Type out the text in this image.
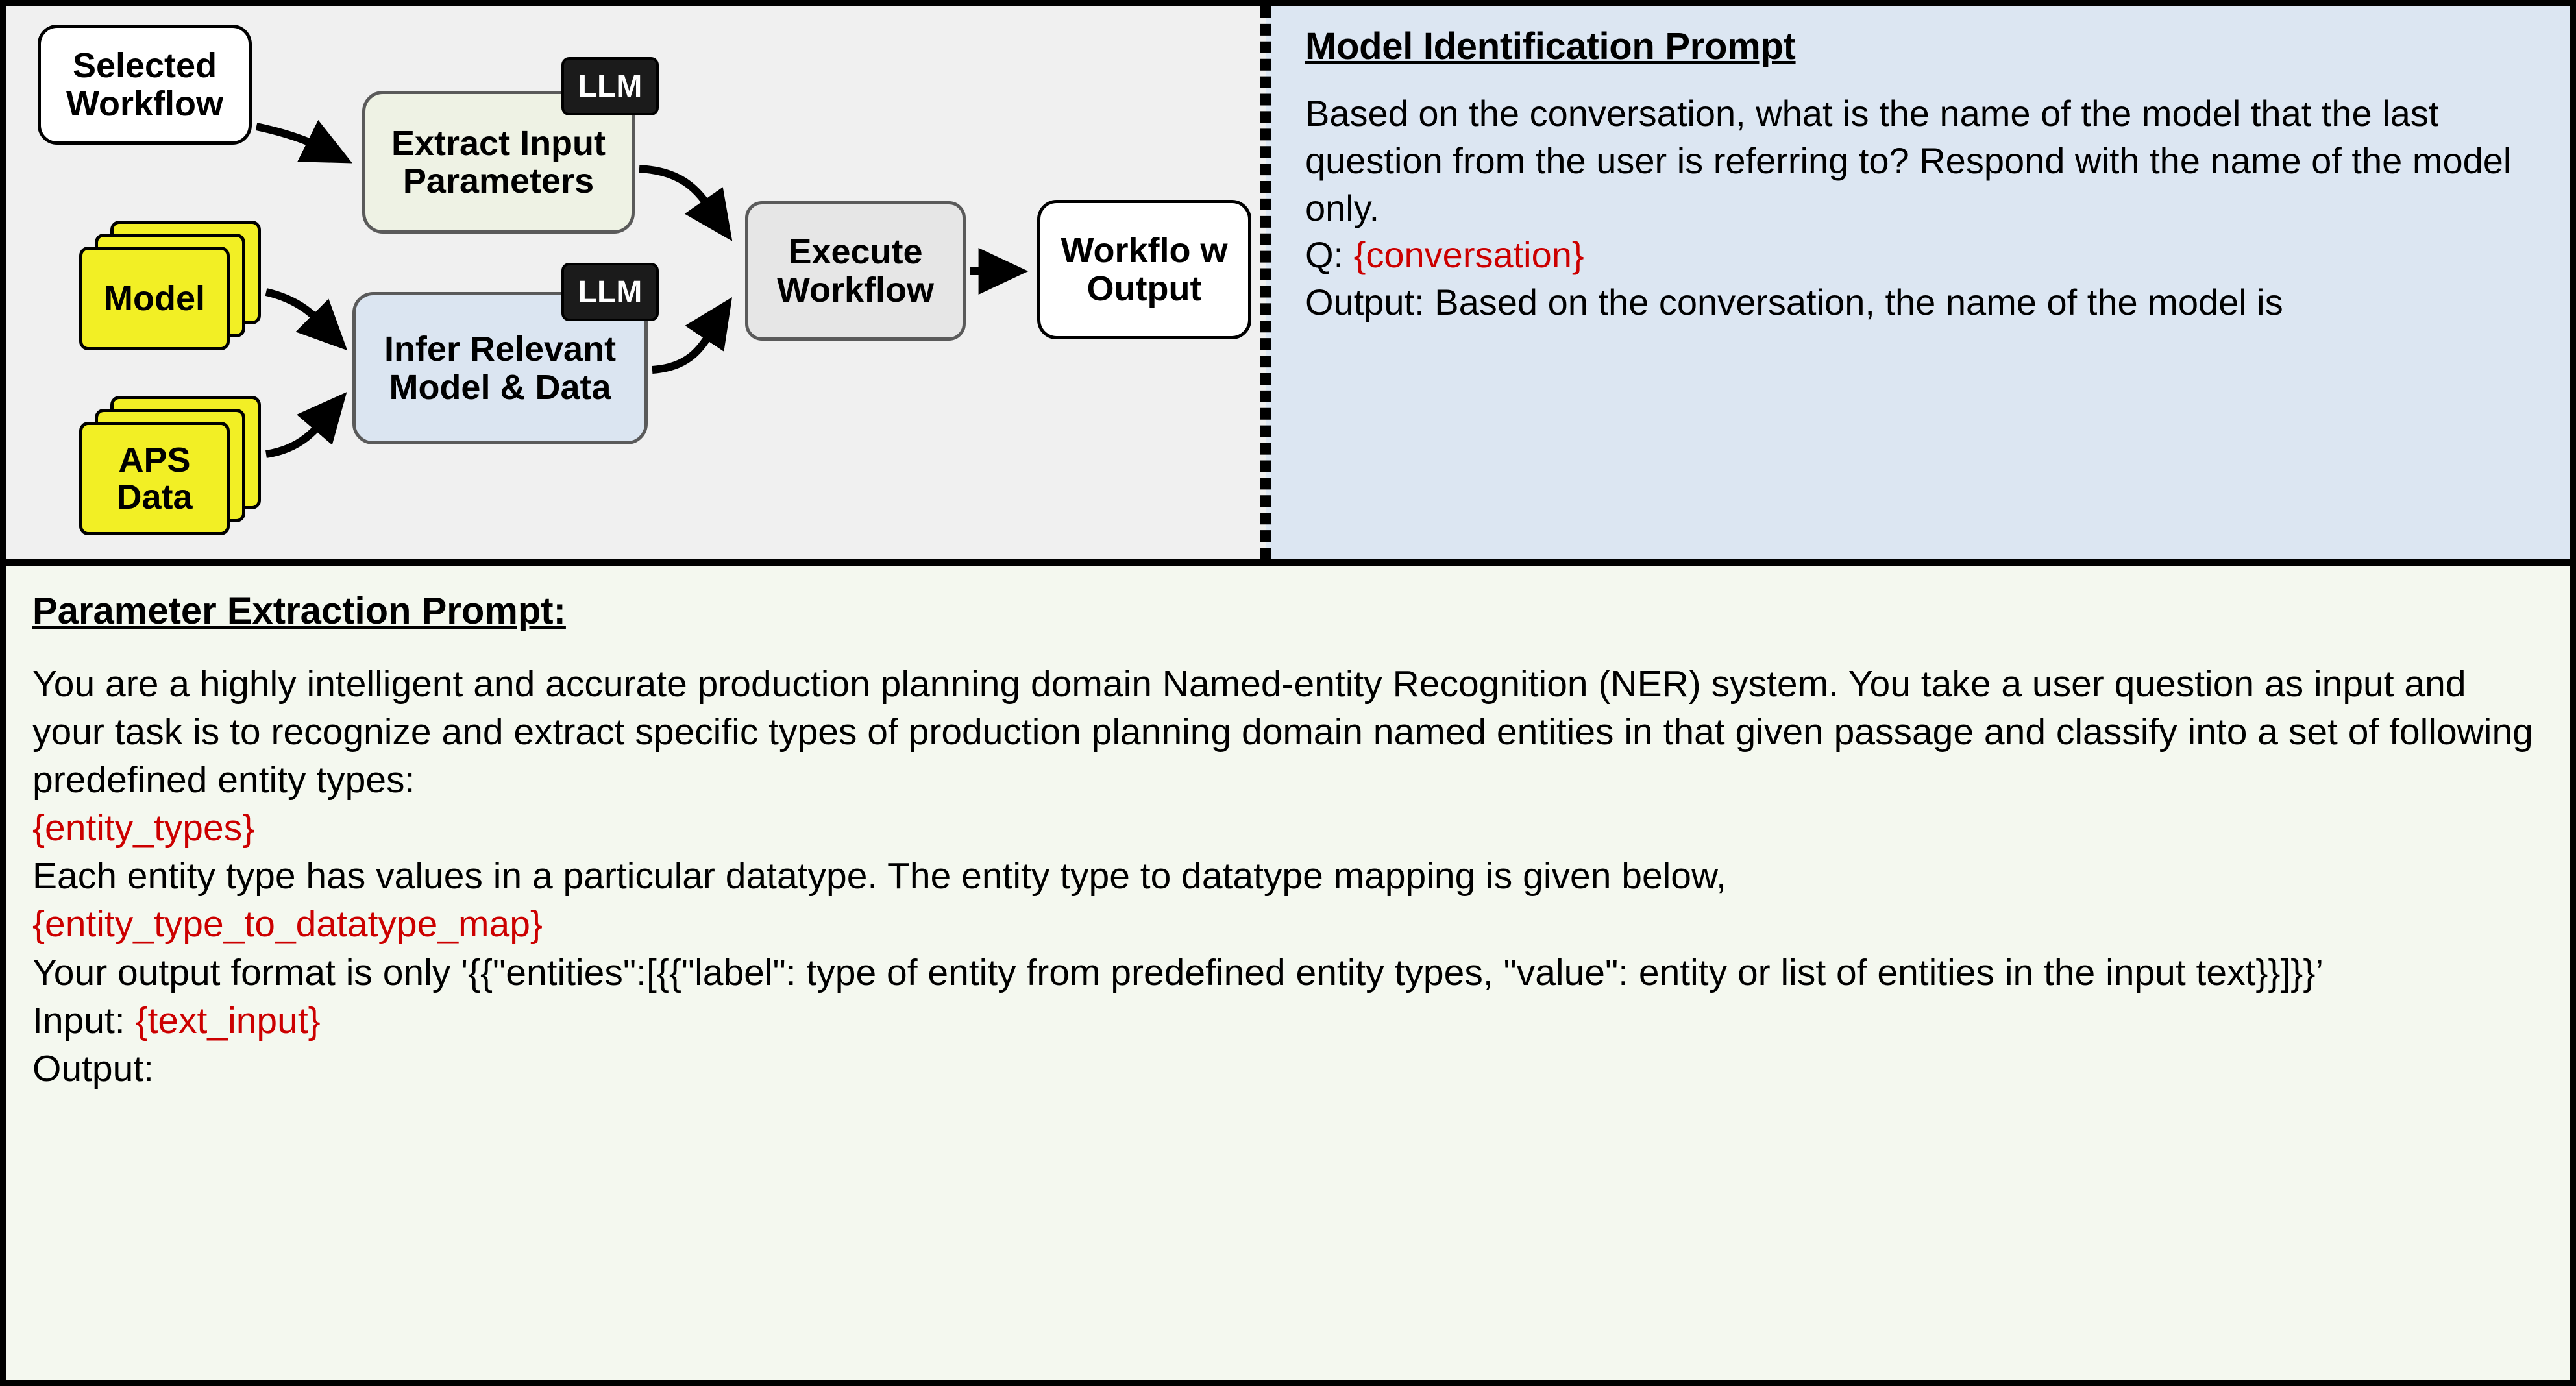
Selected Workflow
Model
APS Data
Extract Input Parameters
Infer Relevant Model & Data
Execute Workflow
Workflo w Output
LLM
LLM
Model Identification Prompt

Based on the conversation, what is the name of the model that the last question from the user is referring to? Respond with the name of the model only.

Q: {conversation}

Output: Based on the conversation, the name of the model is

Parameter Extraction Prompt:

You are a highly intelligent and accurate production planning domain Named-entity Recognition (NER) system. You take a user question as input and your task is to recognize and extract specific types of production planning domain named entities in that given passage and classify into a set of following predefined entity types:

{entity_types}

Each entity type has values in a particular datatype. The entity type to datatype mapping is given below,

{entity_type_to_datatype_map}

Your output format is only '{{"entities":[{{"label": type of entity from predefined entity types, "value": entity or list of entities in the input text}}]}}’

Input: {text_input}

Output:
